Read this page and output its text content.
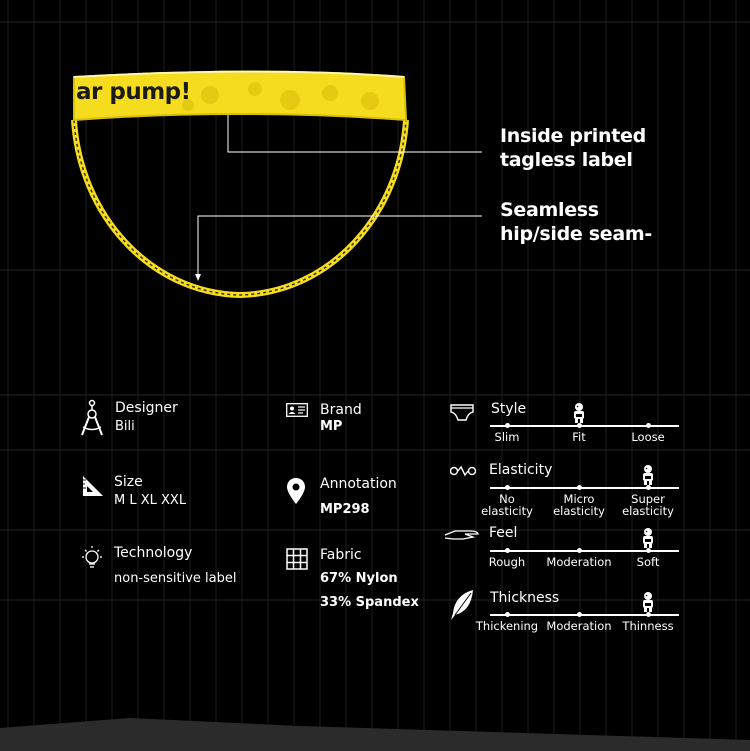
ar pump!
Inside printed
tagless label
Seamless
hip/side seam-
Designer
Bili
Size
M L XL XXL
Technology
non-sensitive label
Brand
MP
Annotation
MP298
Fabric
67% Nylon
33% Spandex
Style
Slim	Fit	Loose
Elasticity
No
elasticity
Micro
elasticity
Super
elasticity
Feel
Rough	Moderation	Soft
Thickness
Thickening Moderation Thinness
